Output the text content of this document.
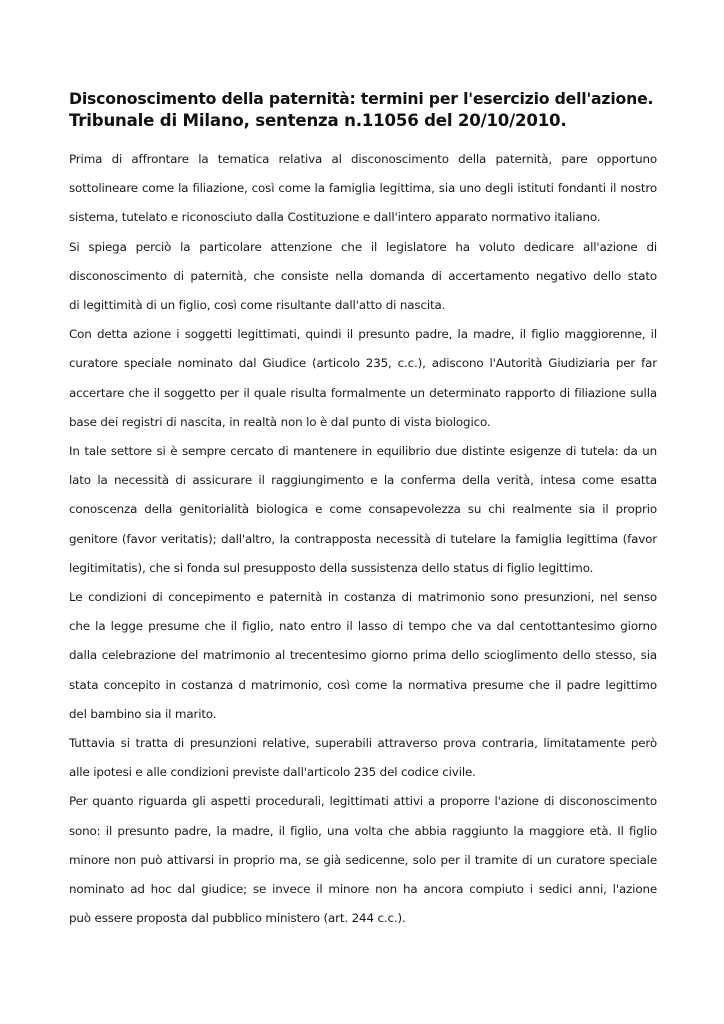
Disconoscimento della paternità: termini per l'esercizio dell'azione.
Tribunale di Milano, sentenza n.11056 del 20/10/2010.
Prima di affrontare la tematica relativa al disconoscimento della paternità, pare opportuno
sottolineare come la filiazione, così come la famiglia legittima, sia uno degli istituti fondanti il nostro
sistema, tutelato e riconosciuto dalla Costituzione e dall'intero apparato normativo italiano.
Si spiega perciò la particolare attenzione che il legislatore ha voluto dedicare all'azione di
disconoscimento di paternità, che consiste nella domanda di accertamento negativo dello stato
di legittimità di un figlio, così come risultante dall'atto di nascita.
Con detta azione i soggetti legittimati, quindi il presunto padre, la madre, il figlio maggiorenne, il
curatore speciale nominato dal Giudice (articolo 235, c.c.), adiscono l'Autorità Giudiziaria per far
accertare che il soggetto per il quale risulta formalmente un determinato rapporto di filiazione sulla
base dei registri di nascita, in realtà non lo è dal punto di vista biologico.
In tale settore si è sempre cercato di mantenere in equilibrio due distinte esigenze di tutela: da un
lato la necessità di assicurare il raggiungimento e la conferma della verità, intesa come esatta
conoscenza della genitorialità biologica e come consapevolezza su chi realmente sia il proprio
genitore (favor veritatis); dall'altro, la contrapposta necessità di tutelare la famiglia legittima (favor
legitimitatis), che si fonda sul presupposto della sussistenza dello status di figlio legittimo.
Le condizioni di concepimento e paternità in costanza di matrimonio sono presunzioni, nel senso
che la legge presume che il figlio, nato entro il lasso di tempo che va dal centottantesimo giorno
dalla celebrazione del matrimonio al trecentesimo giorno prima dello scioglimento dello stesso, sia
stata concepito in costanza d matrimonio, così come la normativa presume che il padre legittimo
del bambino sia il marito.
Tuttavia si tratta di presunzioni relative, superabili attraverso prova contraria, limitatamente però
alle ipotesi e alle condizioni previste dall'articolo 235 del codice civile.
Per quanto riguarda gli aspetti procedurali, legittimati attivi a proporre l'azione di disconoscimento
sono: il presunto padre, la madre, il figlio, una volta che abbia raggiunto la maggiore età. Il figlio
minore non può attivarsi in proprio ma, se già sedicenne, solo per il tramite di un curatore speciale
nominato ad hoc dal giudice; se invece il minore non ha ancora compiuto i sedici anni, l'azione
può essere proposta dal pubblico ministero (art. 244 c.c.).
